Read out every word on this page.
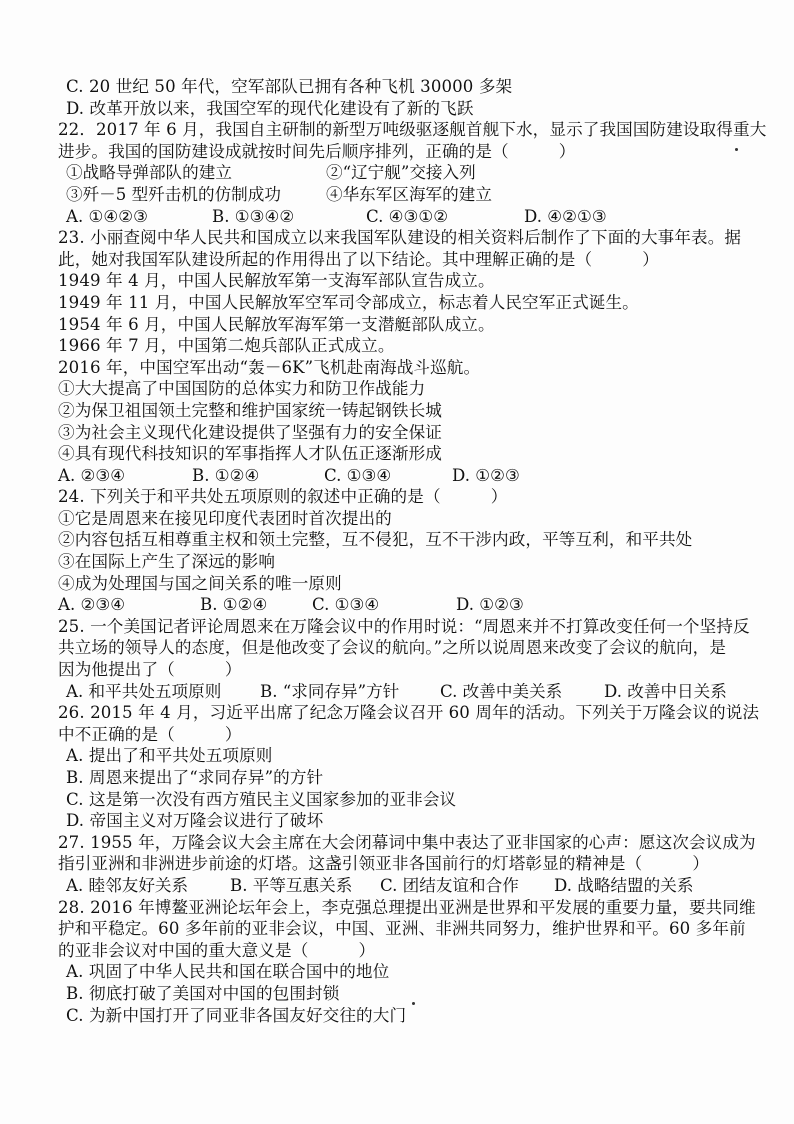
C. 20 世纪 50 年代，空军部队已拥有各种飞机 30000 多架
D. 改革开放以来，我国空军的现代化建设有了新的飞跃
22．2017 年 6 月，我国自主研制的新型万吨级驱逐舰首舰下水，显示了我国国防建设取得重大
进步。我国的国防建设成就按时间先后顺序排列，正确的是（　　　）
①战略导弹部队的建立	②“辽宁舰”交接入列
③歼－5 型歼击机的仿制成功	④华东军区海军的建立
A. ①④②③	B. ①③④②	C. ④③①②	D. ④②①③
23. 小丽查阅中华人民共和国成立以来我国军队建设的相关资料后制作了下面的大事年表。据
此，她对我国军队建设所起的作用得出了以下结论。其中理解正确的是（　　　）
1949 年 4 月，中国人民解放军第一支海军部队宣告成立。
1949 年 11 月，中国人民解放军空军司令部成立，标志着人民空军正式诞生。
1954 年 6 月，中国人民解放军海军第一支潜艇部队成立。
1966 年 7 月，中国第二炮兵部队正式成立。
2016 年，中国空军出动“轰－6K”飞机赴南海战斗巡航。
①大大提高了中国国防的总体实力和防卫作战能力
②为保卫祖国领土完整和维护国家统一铸起钢铁长城
③为社会主义现代化建设提供了坚强有力的安全保证
④具有现代科技知识的军事指挥人才队伍正逐渐形成
A. ②③④	B. ①②④	C. ①③④	D. ①②③
24. 下列关于和平共处五项原则的叙述中正确的是（　　　）
①它是周恩来在接见印度代表团时首次提出的
②内容包括互相尊重主权和领土完整，互不侵犯，互不干涉内政，平等互利，和平共处
③在国际上产生了深远的影响
④成为处理国与国之间关系的唯一原则
A. ②③④	B. ①②④	C. ①③④	D. ①②③
25. 一个美国记者评论周恩来在万隆会议中的作用时说：“周恩来并不打算改变任何一个坚持反
共立场的领导人的态度，但是他改变了会议的航向。”之所以说周恩来改变了会议的航向，是
因为他提出了（　　　）
A. 和平共处五项原则	B. “求同存异”方针	C. 改善中美关系	D. 改善中日关系
26. 2015 年 4 月，习近平出席了纪念万隆会议召开 60 周年的活动。下列关于万隆会议的说法
中不正确的是（　　　）
A. 提出了和平共处五项原则
B. 周恩来提出了“求同存异”的方针
C. 这是第一次没有西方殖民主义国家参加的亚非会议
D. 帝国主义对万隆会议进行了破坏
27. 1955 年，万隆会议大会主席在大会闭幕词中集中表达了亚非国家的心声：愿这次会议成为
指引亚洲和非洲进步前途的灯塔。这盏引领亚非各国前行的灯塔彰显的精神是（　　　）
A. 睦邻友好关系	B. 平等互惠关系	C. 团结友谊和合作	D. 战略结盟的关系
28. 2016 年博鳌亚洲论坛年会上，李克强总理提出亚洲是世界和平发展的重要力量，要共同维
护和平稳定。60 多年前的亚非会议，中国、亚洲、非洲共同努力，维护世界和平。60 多年前
的亚非会议对中国的重大意义是（　　　）
A. 巩固了中华人民共和国在联合国中的地位
B. 彻底打破了美国对中国的包围封锁
C. 为新中国打开了同亚非各国友好交往的大门
